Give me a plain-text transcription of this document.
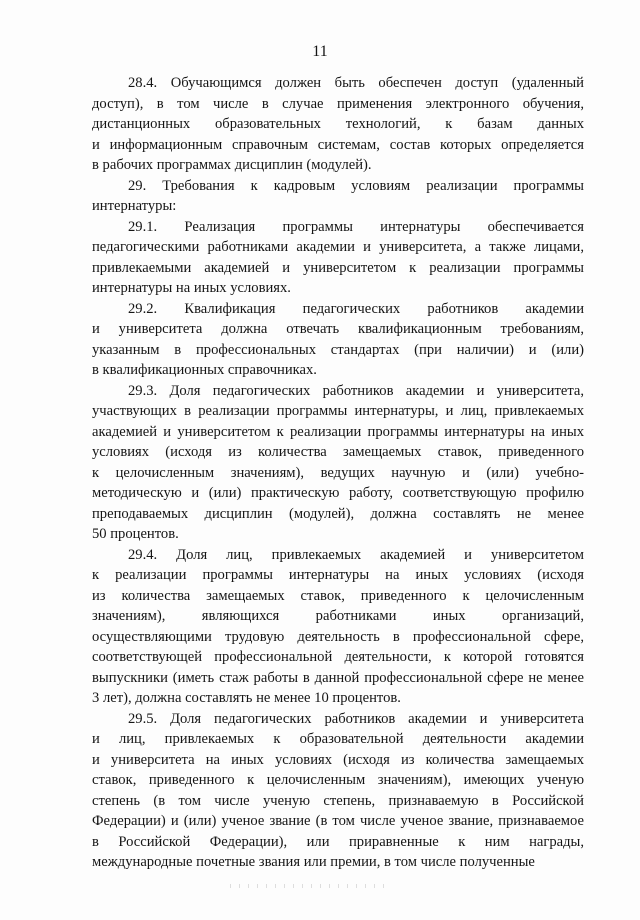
11

28.4. Обучающимся должен быть обеспечен доступ (удаленный
доступ), в том числе в случае применения электронного обучения,
дистанционных образовательных технологий, к базам данных
и информационным справочным системам, состав которых определяется
в рабочих программах дисциплин (модулей).

29. Требования к кадровым условиям реализации программы
интернатуры:

29.1. Реализация программы интернатуры обеспечивается
педагогическими работниками академии и университета, а также лицами,
привлекаемыми академией и университетом к реализации программы
интернатуры на иных условиях.

29.2. Квалификация педагогических работников академии
и университета должна отвечать квалификационным требованиям,
указанным в профессиональных стандартах (при наличии) и (или)
в квалификационных справочниках.

29.3. Доля педагогических работников академии и университета,
участвующих в реализации программы интернатуры, и лиц, привлекаемых
академией и университетом к реализации программы интернатуры на иных
условиях (исходя из количества замещаемых ставок, приведенного
к целочисленным значениям), ведущих научную и (или) учебно-
методическую и (или) практическую работу, соответствующую профилю
преподаваемых дисциплин (модулей), должна составлять не менее
50 процентов.

29.4. Доля лиц, привлекаемых академией и университетом
к реализации программы интернатуры на иных условиях (исходя
из количества замещаемых ставок, приведенного к целочисленным
значениям), являющихся работниками иных организаций,
осуществляющими трудовую деятельность в профессиональной сфере,
соответствующей профессиональной деятельности, к которой готовятся
выпускники (иметь стаж работы в данной профессиональной сфере не менее
3 лет), должна составлять не менее 10 процентов.

29.5. Доля педагогических работников академии и университета
и лиц, привлекаемых к образовательной деятельности академии
и университета на иных условиях (исходя из количества замещаемых
ставок, приведенного к целочисленным значениям), имеющих ученую
степень (в том числе ученую степень, признаваемую в Российской
Федерации) и (или) ученое звание (в том числе ученое звание, признаваемое
в Российской Федерации), или приравненные к ним награды,
международные почетные звания или премии, в том числе полученные
